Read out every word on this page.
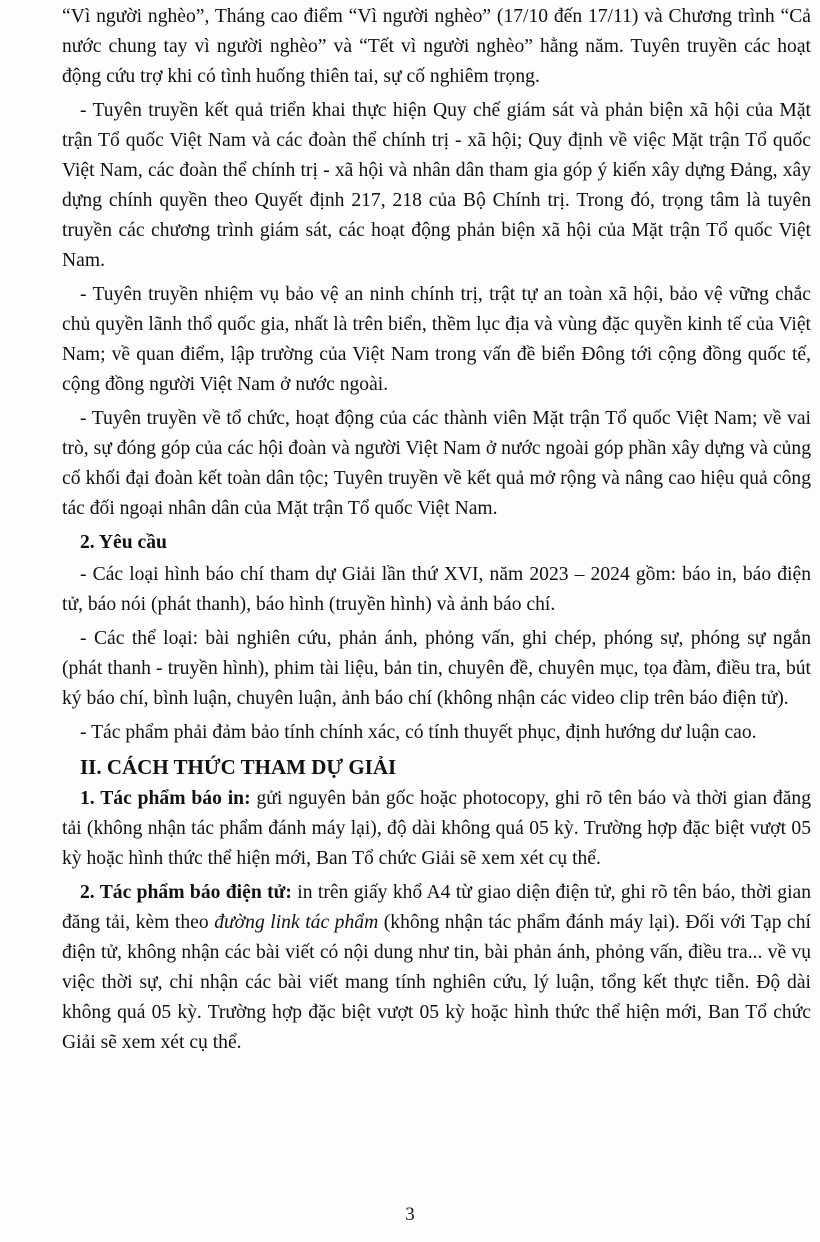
“Vì người nghèo”, Tháng cao điểm “Vì người nghèo” (17/10 đến 17/11) và Chương trình “Cả nước chung tay vì người nghèo” và “Tết vì người nghèo” hằng năm. Tuyên truyền các hoạt động cứu trợ khi có tình huống thiên tai, sự cố nghiêm trọng.

- Tuyên truyền kết quả triển khai thực hiện Quy chế giám sát và phản biện xã hội của Mặt trận Tổ quốc Việt Nam và các đoàn thể chính trị - xã hội; Quy định về việc Mặt trận Tổ quốc Việt Nam, các đoàn thể chính trị - xã hội và nhân dân tham gia góp ý kiến xây dựng Đảng, xây dựng chính quyền theo Quyết định 217, 218 của Bộ Chính trị. Trong đó, trọng tâm là tuyên truyền các chương trình giám sát, các hoạt động phản biện xã hội của Mặt trận Tổ quốc Việt Nam.

- Tuyên truyền nhiệm vụ bảo vệ an ninh chính trị, trật tự an toàn xã hội, bảo vệ vững chắc chủ quyền lãnh thổ quốc gia, nhất là trên biển, thềm lục địa và vùng đặc quyền kinh tế của Việt Nam; về quan điểm, lập trường của Việt Nam trong vấn đề biển Đông tới cộng đồng quốc tế, cộng đồng người Việt Nam ở nước ngoài.

- Tuyên truyền về tổ chức, hoạt động của các thành viên Mặt trận Tổ quốc Việt Nam; về vai trò, sự đóng góp của các hội đoàn và người Việt Nam ở nước ngoài góp phần xây dựng và củng cố khối đại đoàn kết toàn dân tộc; Tuyên truyền về kết quả mở rộng và nâng cao hiệu quả công tác đối ngoại nhân dân của Mặt trận Tổ quốc Việt Nam.

2. Yêu cầu

- Các loại hình báo chí tham dự Giải lần thứ XVI, năm 2023 – 2024 gồm: báo in, báo điện tử, báo nói (phát thanh), báo hình (truyền hình) và ảnh báo chí.

- Các thể loại: bài nghiên cứu, phản ánh, phỏng vấn, ghi chép, phóng sự, phóng sự ngắn (phát thanh - truyền hình), phim tài liệu, bản tin, chuyên đề, chuyên mục, tọa đàm, điều tra, bút ký báo chí, bình luận, chuyên luận, ảnh báo chí (không nhận các video clip trên báo điện tử).

- Tác phẩm phải đảm bảo tính chính xác, có tính thuyết phục, định hướng dư luận cao.

II. CÁCH THỨC THAM DỰ GIẢI

1. Tác phẩm báo in: gửi nguyên bản gốc hoặc photocopy, ghi rõ tên báo và thời gian đăng tải (không nhận tác phẩm đánh máy lại), độ dài không quá 05 kỳ. Trường hợp đặc biệt vượt 05 kỳ hoặc hình thức thể hiện mới, Ban Tổ chức Giải sẽ xem xét cụ thể.

2. Tác phẩm báo điện tử: in trên giấy khổ A4 từ giao diện điện tử, ghi rõ tên báo, thời gian đăng tải, kèm theo đường link tác phẩm (không nhận tác phẩm đánh máy lại). Đối với Tạp chí điện tử, không nhận các bài viết có nội dung như tin, bài phản ánh, phỏng vấn, điều tra... về vụ việc thời sự, chỉ nhận các bài viết mang tính nghiên cứu, lý luận, tổng kết thực tiễn. Độ dài không quá 05 kỳ. Trường hợp đặc biệt vượt 05 kỳ hoặc hình thức thể hiện mới, Ban Tổ chức Giải sẽ xem xét cụ thể.

3
